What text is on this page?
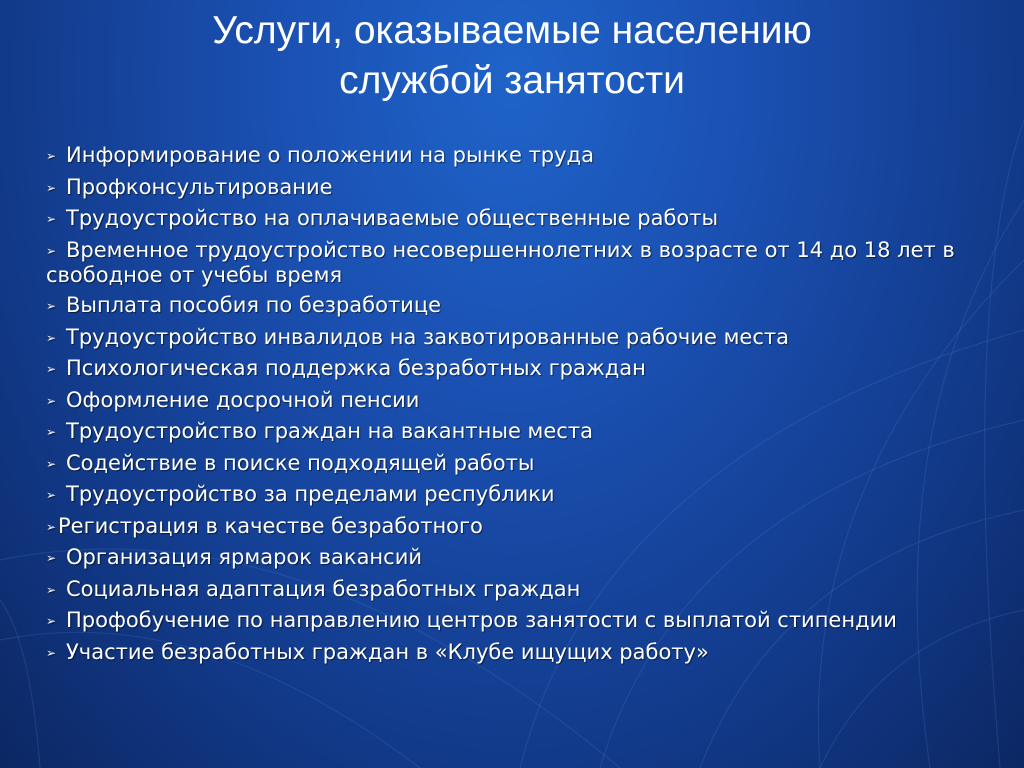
Услуги, оказываемые населению
службой занятости
➢ Информирование о положении на рынке труда
➢ Профконсультирование
➢ Трудоустройство на оплачиваемые общественные работы
➢ Временное трудоустройство несовершеннолетних в возрасте от 14 до 18 лет в свободное от учебы время
➢ Выплата пособия по безработице
➢ Трудоустройство инвалидов на заквотированные рабочие места
➢ Психологическая поддержка безработных граждан
➢ Оформление досрочной пенсии
➢ Трудоустройство граждан на вакантные места
➢ Содействие в поиске подходящей работы
➢ Трудоустройство за пределами республики
➢Регистрация в качестве безработного
➢ Организация ярмарок вакансий
➢ Социальная адаптация безработных граждан
➢ Профобучение по направлению центров занятости с выплатой стипендии
➢ Участие безработных граждан в «Клубе ищущих работу»
